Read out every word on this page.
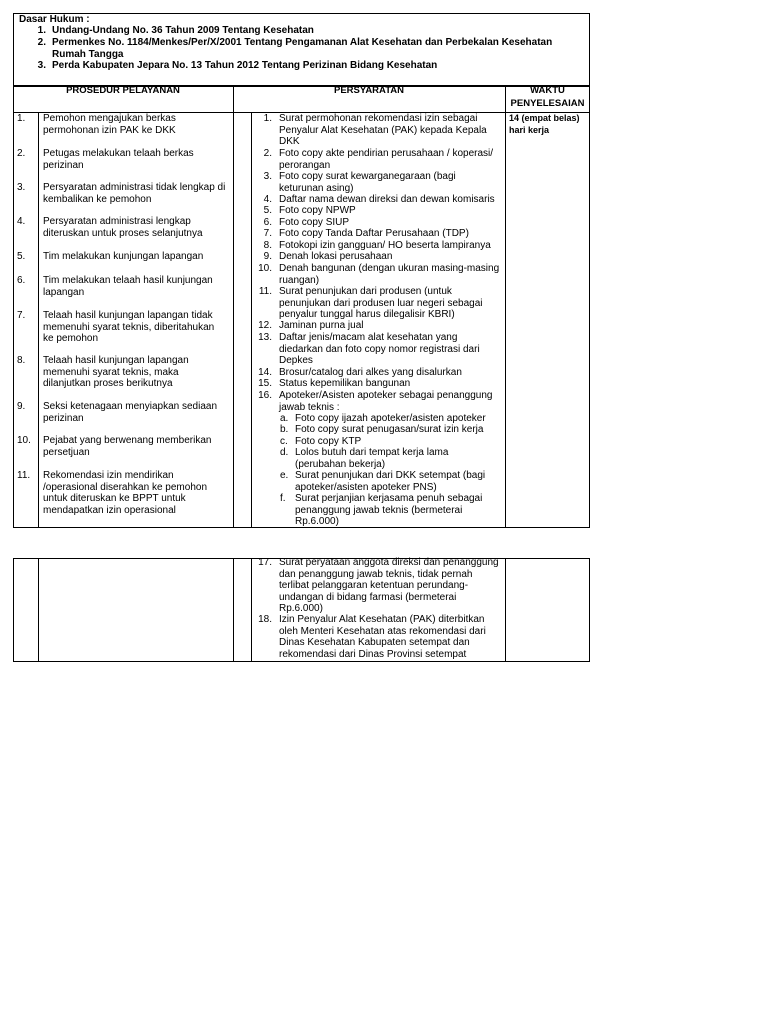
Dasar Hukum :
1. Undang-Undang No. 36 Tahun 2009 Tentang Kesehatan
2. Permenkes No. 1184/Menkes/Per/X/2001 Tentang Pengamanan Alat Kesehatan dan Perbekalan Kesehatan
Rumah Tangga
3. Perda Kabupaten Jepara No. 13 Tahun 2012 Tentang Perizinan Bidang Kesehatan
PROSEDUR PELAYANAN	PERSYARATAN	WAKTU
PENYELESAIAN
14 (empat belas)
hari kerja
1. Pemohon mengajukan berkas
permohonan izin PAK ke DKK
2. Petugas melakukan telaah berkas
perizinan
3. Persyaratan administrasi tidak lengkap di
kembalikan ke pemohon
4. Persyaratan administrasi lengkap
diteruskan untuk proses selanjutnya
5. Tim melakukan kunjungan lapangan
6. Tim melakukan telaah hasil kunjungan
lapangan
7. Telaah hasil kunjungan lapangan tidak
memenuhi syarat teknis, diberitahukan
ke pemohon
8. Telaah hasil kunjungan lapangan
memenuhi syarat teknis, maka
dilanjutkan proses berikutnya
9. Seksi ketenagaan menyiapkan sediaan
perizinan
10. Pejabat yang berwenang memberikan
persetjuan
11. Rekomendasi izin mendirikan
/operasional diserahkan ke pemohon
untuk diteruskan ke BPPT untuk
mendapatkan izin operasional
1. Surat permohonan rekomendasi izin sebagai
Penyalur Alat Kesehatan (PAK) kepada Kepala
DKK
2. Foto copy akte pendirian perusahaan / koperasi/
perorangan
3. Foto copy surat kewarganegaraan (bagi
keturunan asing)
4. Daftar nama dewan direksi dan dewan komisaris
5. Foto copy NPWP
6. Foto copy SIUP
7. Foto copy Tanda Daftar Perusahaan (TDP)
8. Fotokopi izin gangguan/ HO beserta lampiranya
9. Denah lokasi perusahaan
10. Denah bangunan (dengan ukuran masing-masing
ruangan)
11. Surat penunjukan dari produsen (untuk
penunjukan dari produsen luar negeri sebagai
penyalur tunggal harus dilegalisir KBRI)
12. Jaminan purna jual
13. Daftar jenis/macam alat kesehatan yang
diedarkan dan foto copy nomor registrasi dari
Depkes
14. Brosur/catalog dari alkes yang disalurkan
15. Status kepemilikan bangunan
16. Apoteker/Asisten apoteker sebagai penanggung
jawab teknis :
a. Foto copy ijazah apoteker/asisten apoteker
b. Foto copy surat penugasan/surat izin kerja
c. Foto copy KTP
d. Lolos butuh dari tempat kerja lama
(perubahan bekerja)
e. Surat penunjukan dari DKK setempat (bagi
apoteker/asisten apoteker PNS)
f. Surat perjanjian kerjasama penuh sebagai
penanggung jawab teknis (bermeterai
Rp.6.000)
17. Surat peryataan anggota direksi dan penanggung
dan penanggung jawab teknis, tidak pernah
terlibat pelanggaran ketentuan perundang-
undangan di bidang farmasi (bermeterai
Rp.6.000)
18. Izin Penyalur Alat Kesehatan (PAK) diterbitkan
oleh Menteri Kesehatan atas rekomendasi dari
Dinas Kesehatan Kabupaten setempat dan
rekomendasi dari Dinas Provinsi setempat
